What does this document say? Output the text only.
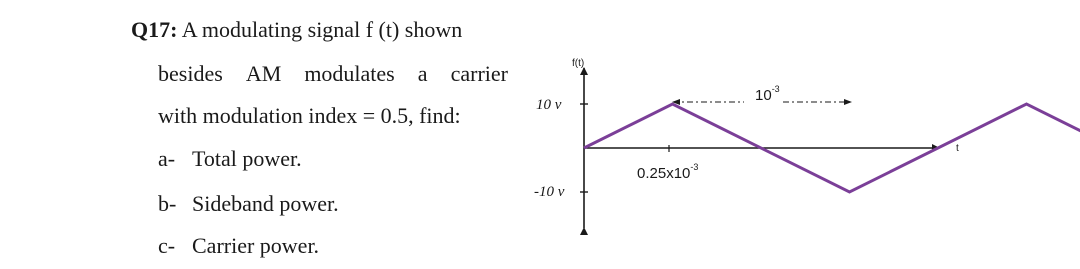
Q17: A modulating signal f (t) shown
besides AM modulates a carrier
with modulation index = 0.5, find:
a- Total power.
b- Sideband power.
c- Carrier power.
f(t)
t
10 v
-10 v
$10^{-3}$
$0.25x10^{-3}$
